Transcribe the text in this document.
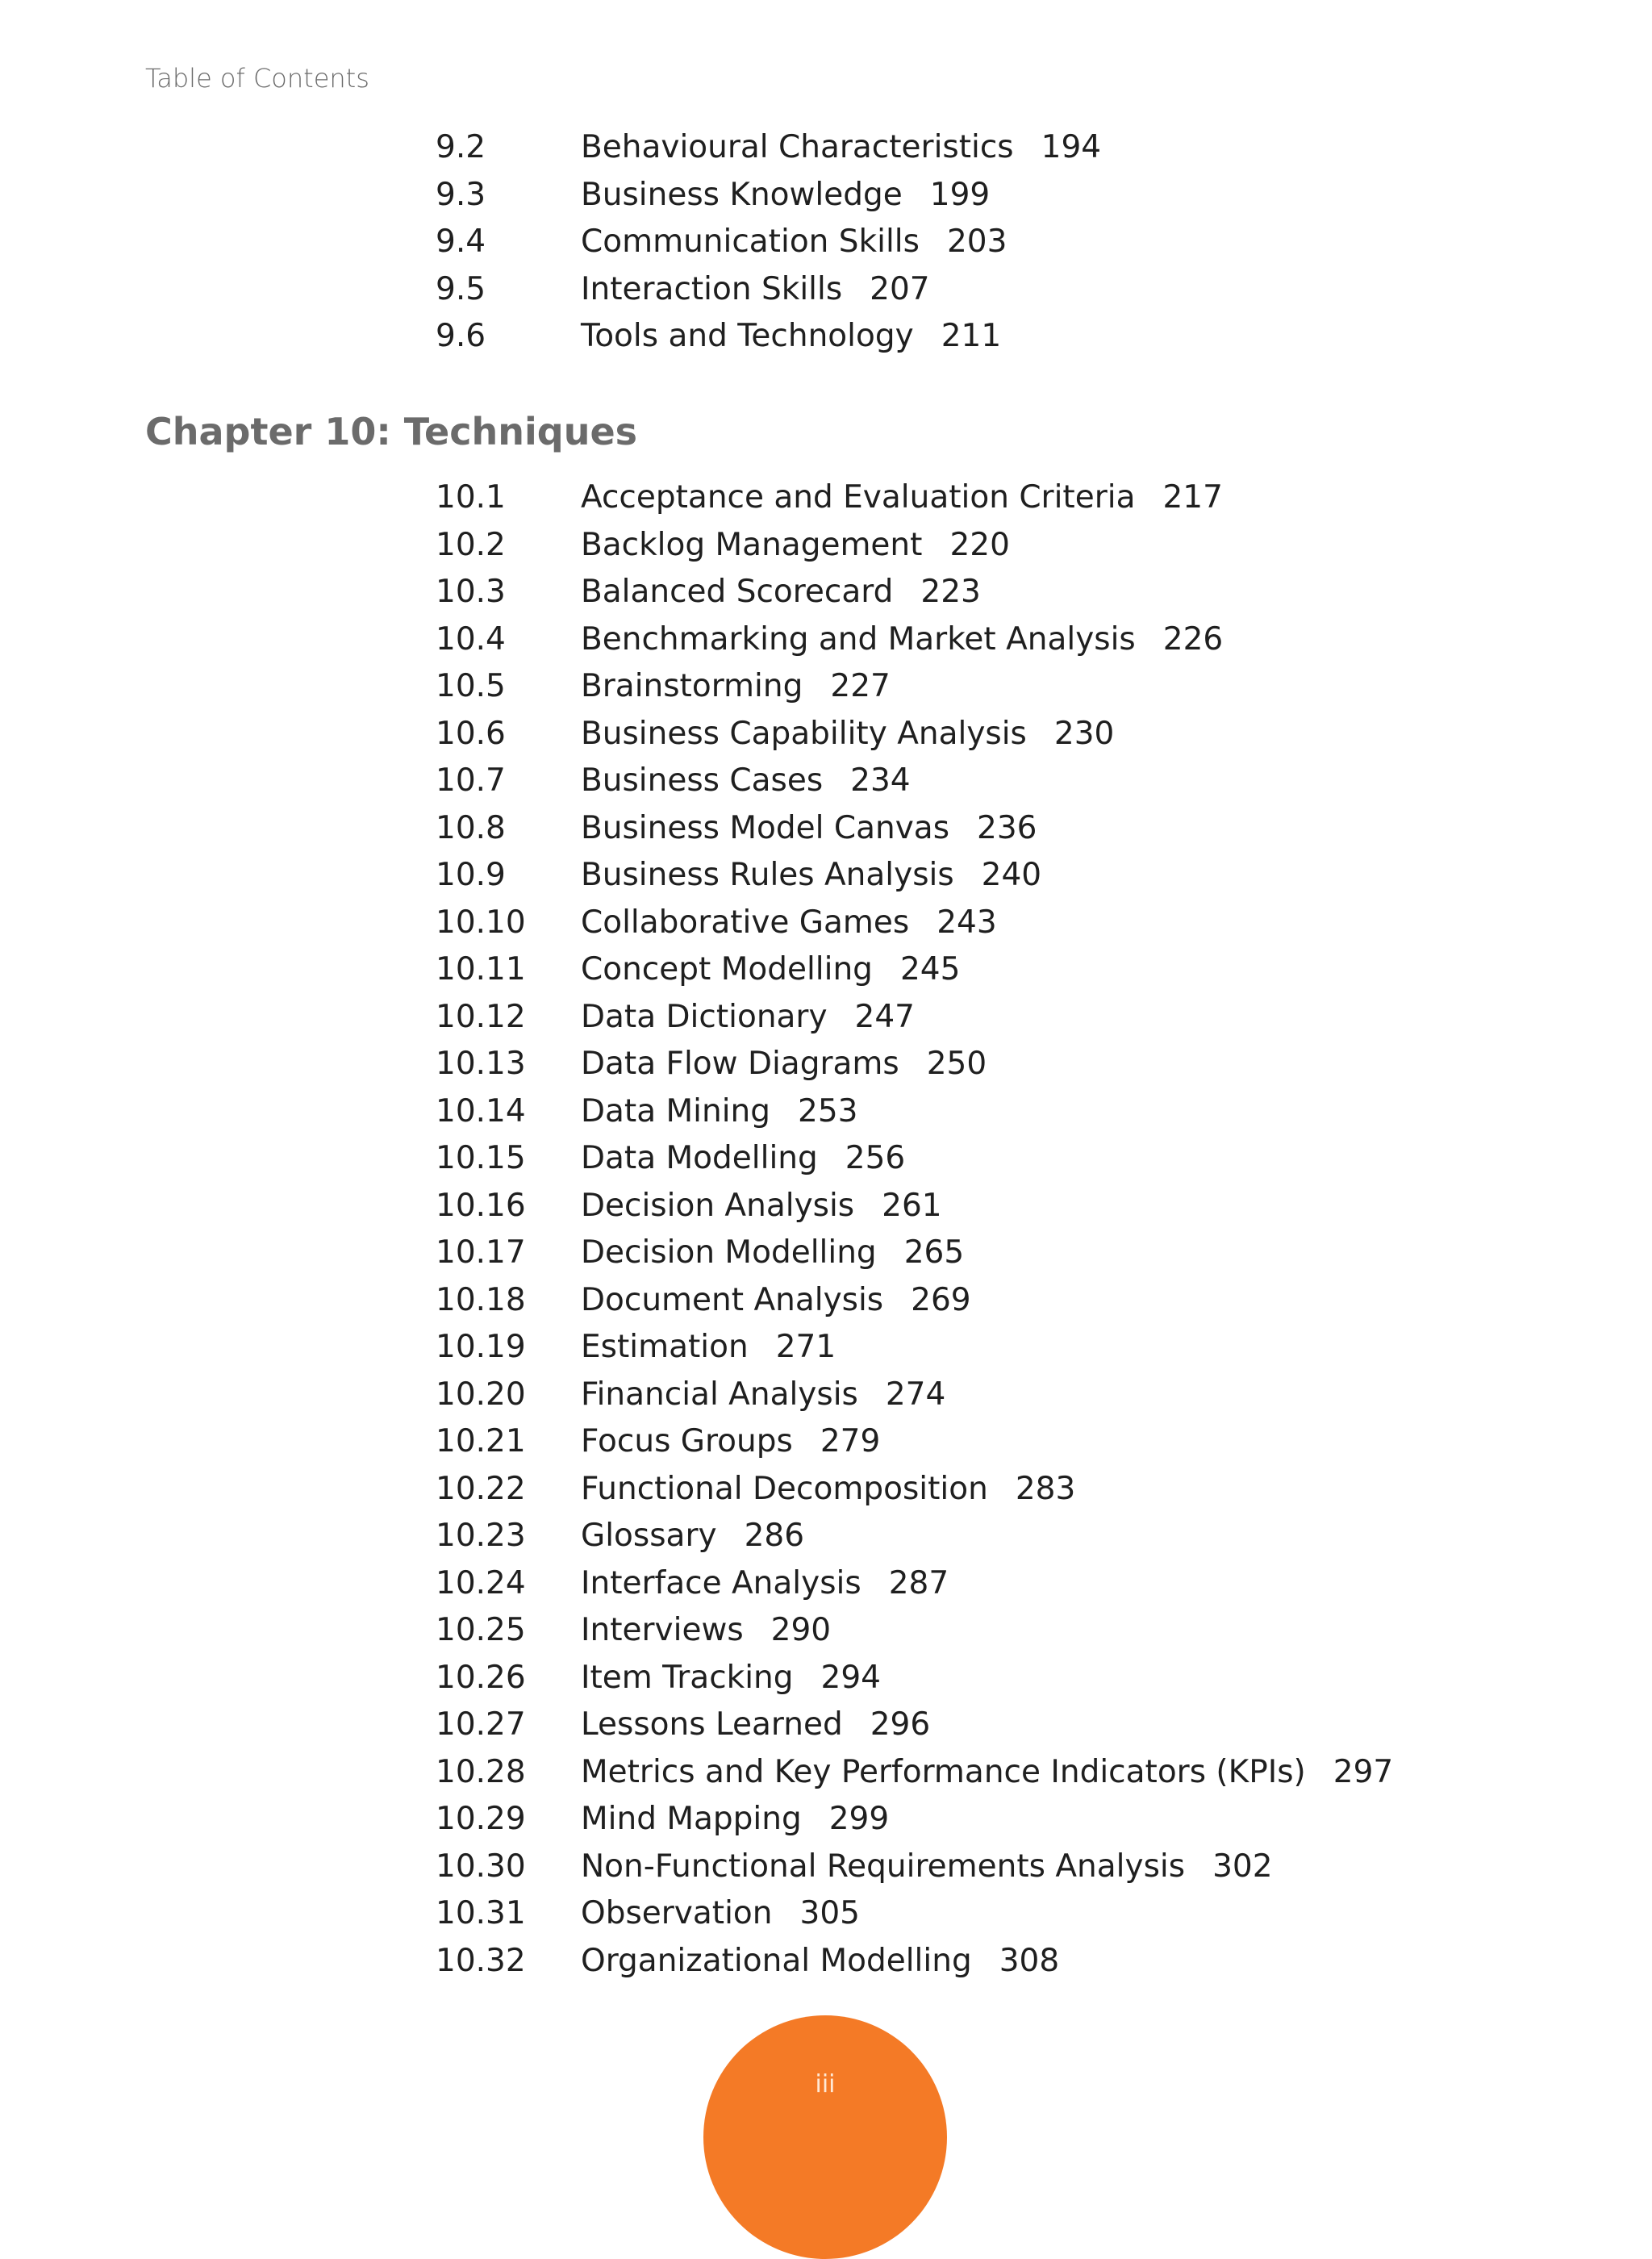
Table of Contents
9.2	Behavioural Characteristics 194
9.3	Business Knowledge 199
9.4	Communication Skills 203
9.5	Interaction Skills 207
9.6	Tools and Technology 211
Chapter 10: Techniques
10.1 Acceptance and Evaluation Criteria 217
10.2 Backlog Management 220
10.3 Balanced Scorecard 223
10.4 Benchmarking and Market Analysis 226
10.5 Brainstorming 227
10.6 Business Capability Analysis 230
10.7 Business Cases 234
10.8 Business Model Canvas 236
10.9 Business Rules Analysis 240
10.10 Collaborative Games 243
10.11 Concept Modelling 245
10.12 Data Dictionary 247
10.13 Data Flow Diagrams 250
10.14 Data Mining 253
10.15 Data Modelling 256
10.16 Decision Analysis 261
10.17 Decision Modelling 265
10.18 Document Analysis 269
10.19 Estimation 271
10.20 Financial Analysis 274
10.21 Focus Groups 279
10.22 Functional Decomposition 283
10.23 Glossary 286
10.24 Interface Analysis 287
10.25 Interviews 290
10.26 Item Tracking 294
10.27 Lessons Learned 296
10.28 Metrics and Key Performance Indicators (KPIs) 297
10.29 Mind Mapping 299
10.30 Non-Functional Requirements Analysis 302
10.31 Observation 305
10.32 Organizational Modelling 308
iii
